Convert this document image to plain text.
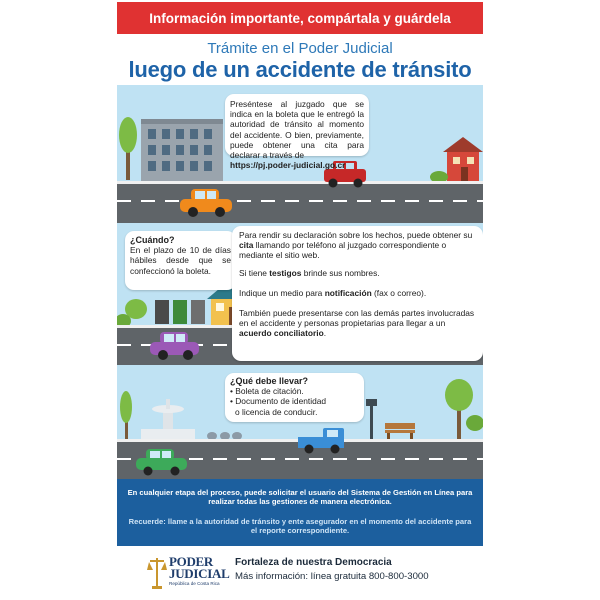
Información importante, compártala y guárdela
Trámite en el Poder Judicial
luego de un accidente de tránsito

Preséntese al juzgado que se indica en la boleta que le entregó la autoridad de tránsito al momento del accidente. O bien, previamente, puede obtener una cita para declarar a través de

https://pj.poder-judicial.go.cr

¿Cuándo?

En el plazo de 10 de días hábiles desde que se confeccionó la boleta.

Para rendir su declaración sobre los hechos, puede obtener su cita llamando por teléfono al juzgado correspondiente o mediante el sitio web.

Si tiene testigos brinde sus nombres.

Indique un medio para notificación (fax o correo).

También puede presentarse con las demás partes involucradas en el accidente y personas propietarias para llegar a un acuerdo conciliatorio.

¿Qué debe llevar?

• Boleta de citación.

• Documento de identidad

o licencia de conducir.

En cualquier etapa del proceso, puede solicitar el usuario del Sistema de Gestión en Línea para realizar todas las gestiones de manera electrónica.
Recuerde: llame a la autoridad de tránsito y ente asegurador en el momento del accidente para el reporte correspondiente.
PODER
JUDICIAL
República de Costa Rica
Fortaleza de nuestra Democracia
Más información: línea gratuita 800-800-3000
